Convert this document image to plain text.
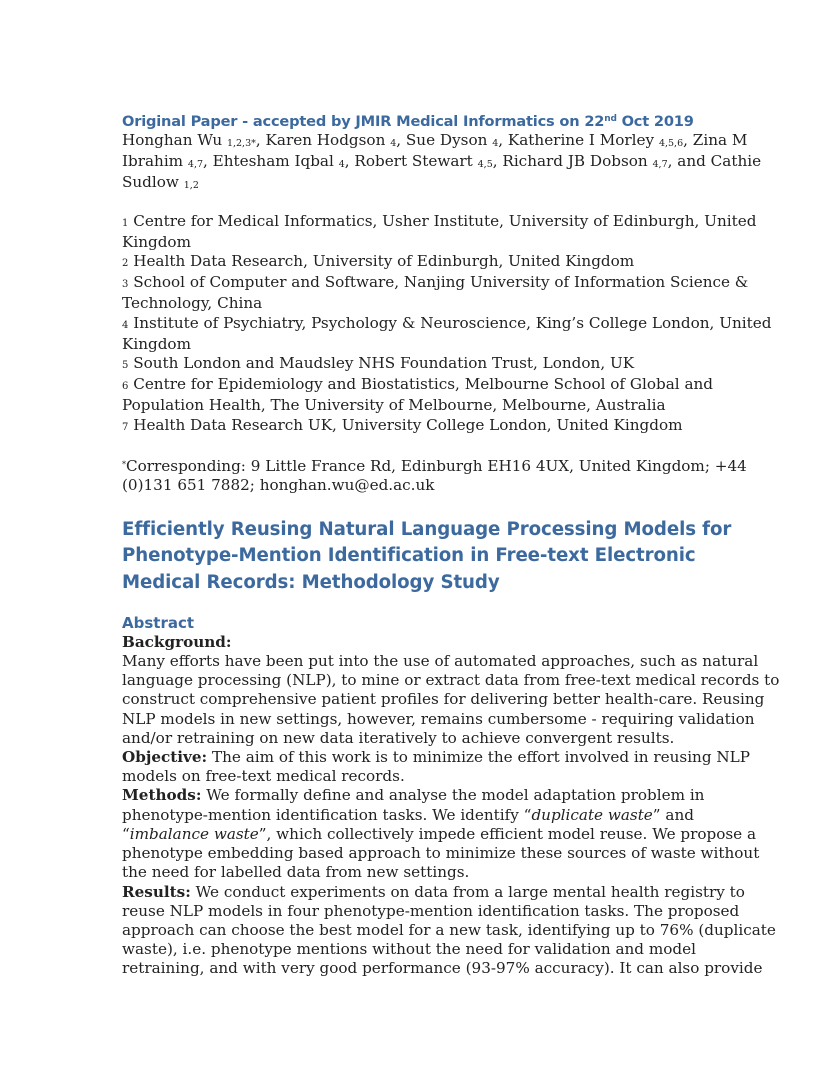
Original Paper - accepted by JMIR Medical Informatics on 22nd Oct 2019
Honghan Wu $_{1,2,3*}$, Karen Hodgson $_4$, Sue Dyson $_4$, Katherine I Morley $_{4,5,6}$, Zina M
Ibrahim $_{4,7}$, Ehtesham Iqbal $_4$, Robert Stewart $_{4,5}$, Richard JB Dobson $_{4,7}$, and Cathie
Sudlow $_{1,2}$
1 Centre for Medical Informatics, Usher Institute, University of Edinburgh, United
Kingdom
2 Health Data Research, University of Edinburgh, United Kingdom
3 School of Computer and Software, Nanjing University of Information Science &
Technology, China
4 Institute of Psychiatry, Psychology & Neuroscience, King’s College London, United
Kingdom
5 South London and Maudsley NHS Foundation Trust, London, UK
6 Centre for Epidemiology and Biostatistics, Melbourne School of Global and
Population Health, The University of Melbourne, Melbourne, Australia
7 Health Data Research UK, University College London, United Kingdom
*Corresponding: 9 Little France Rd, Edinburgh EH16 4UX, United Kingdom; +44
(0)131 651 7882; honghan.wu@ed.ac.uk
Efficiently Reusing Natural Language Processing Models for
Phenotype-Mention Identification in Free-text Electronic
Medical Records: Methodology Study
Abstract
Background:
Many efforts have been put into the use of automated approaches, such as natural
language processing (NLP), to mine or extract data from free-text medical records to
construct comprehensive patient profiles for delivering better health-care. Reusing
NLP models in new settings, however, remains cumbersome - requiring validation
and/or retraining on new data iteratively to achieve convergent results.
Objective: The aim of this work is to minimize the effort involved in reusing NLP
models on free-text medical records.
Methods: We formally define and analyse the model adaptation problem in
phenotype-mention identification tasks. We identify “duplicate waste” and
“imbalance waste”, which collectively impede efficient model reuse. We propose a
phenotype embedding based approach to minimize these sources of waste without
the need for labelled data from new settings.
Results: We conduct experiments on data from a large mental health registry to
reuse NLP models in four phenotype-mention identification tasks. The proposed
approach can choose the best model for a new task, identifying up to 76% (duplicate
waste), i.e. phenotype mentions without the need for validation and model
retraining, and with very good performance (93-97% accuracy). It can also provide
